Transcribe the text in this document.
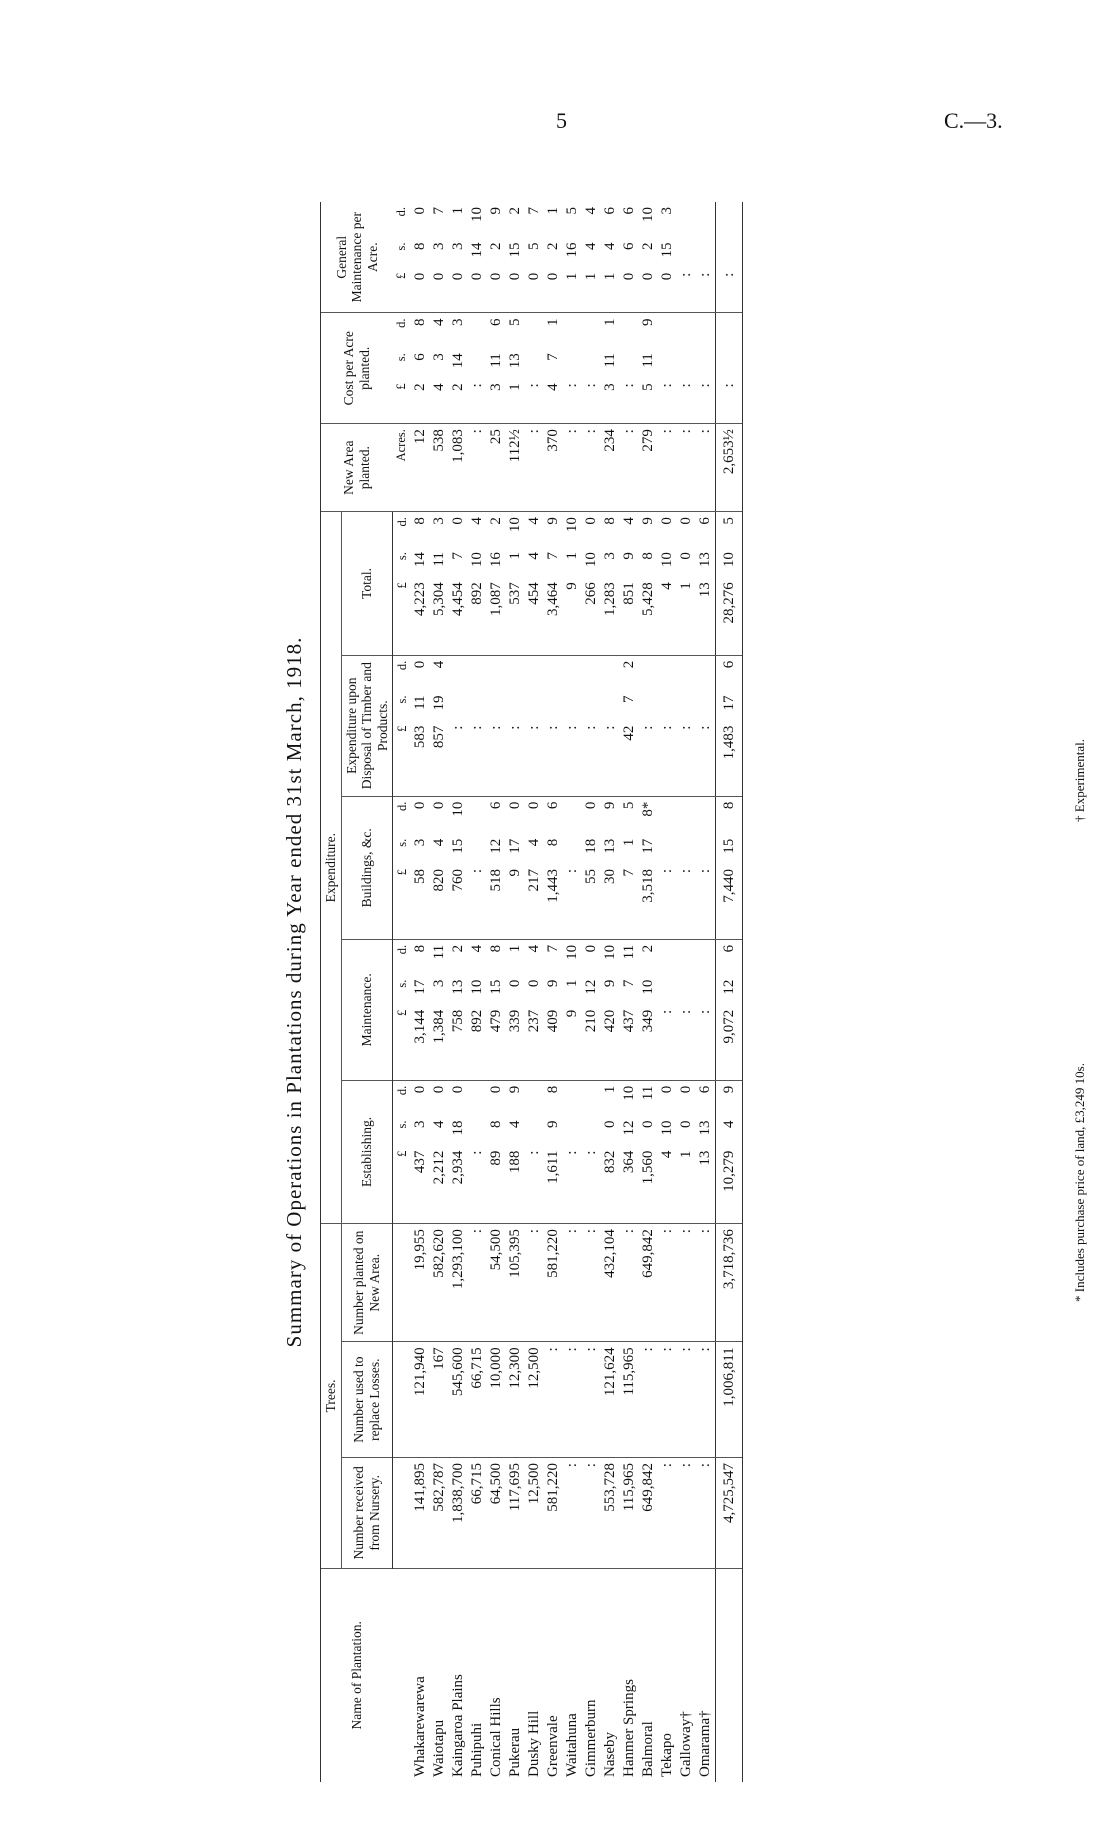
5	C.—3.
Summary of Operations in Plantations during Year ended 31st March, 1918.
Name of Plantation.	Trees.			Expenditure.															New Area planted.	Cost per Acre planted.			General Maintenance per Acre.		
	Number received from Nursery.	Number used to replace Losses.	Number planted on New Area.	Establishing.			Maintenance.			Buildings, &c.			Expenditure upon Disposal of Timber and Products.			Total.									
				£	s.	d.	£	s.	d.	£	s.	d.	£	s.	d.	£	s.	d.	Acres.	£	s.	d.	£	s.	d.
Whakarewarewa	141,895	121,940	19,955	437	3	0	3,144	17	8	58	3	0	583	11	0	4,223	14	8	12	2	6	8	0	8	0
Waiotapu	582,787	167	582,620	2,212	4	0	1,384	3	11	820	4	0	857	19	4	5,304	11	3	538	4	3	4	0	3	7
Kaingaroa Plains	1,838,700	545,600	1,293,100	2,934	18	0	758	13	2	760	15	10	:			4,454	7	0	1,083	2	14	3	0	3	1
Puhipuhi	66,715	66,715	:	:			892	10	4	:			:			892	10	4	:	:			0	14	10
Conical Hills	64,500	10,000	54,500	89	8	0	479	15	8	518	12	6	:			1,087	16	2	25	3	11	6	0	2	9
Pukerau	117,695	12,300	105,395	188	4	9	339	0	1	9	17	0	:			537	1	10	112½	1	13	5	0	15	2
Dusky Hill	12,500	12,500	:	:			237	0	4	217	4	0	:			454	4	4	:	:			0	5	7
Greenvale	581,220	:	581,220	1,611	9	8	409	9	7	1,443	8	6	:			3,464	7	9	370	4	7	1	0	2	1
Waitahuna	:	:	:	:			9	1	10	:			:			9	1	10	:	:			1	16	5
Gimmerburn	:	:	:	:			210	12	0	55	18	0	:			266	10	0	:	:			1	4	4
Naseby	553,728	121,624	432,104	832	0	1	420	9	10	30	13	9	:			1,283	3	8	234	3	11	1	1	4	6
Hanmer Springs	115,965	115,965	:	364	12	10	437	7	11	7	1	5	42	7	2	851	9	4	:	:			0	6	6
Balmoral	649,842	:	649,842	1,560	0	11	349	10	2	3,518	17	8*	:			5,428	8	9	279	5	11	9	0	2	10
Tekapo	:	:	:	4	10	0	:			:			:			4	10	0	:	:			0	15	3
Galloway†	:	:	:	1	0	0	:			:			:			1	0	0	:	:			:		
Omarama†	:	:	:	13	13	6	:			:			:			13	13	6	:	:			:		
	4,725,547	1,006,811	3,718,736	10,279	4	9	9,072	12	6	7,440	15	8	1,483	17	6	28,276	10	5	2,653½	:			:		
* Includes purchase price of land, £3,249 10s.
† Experimental.
